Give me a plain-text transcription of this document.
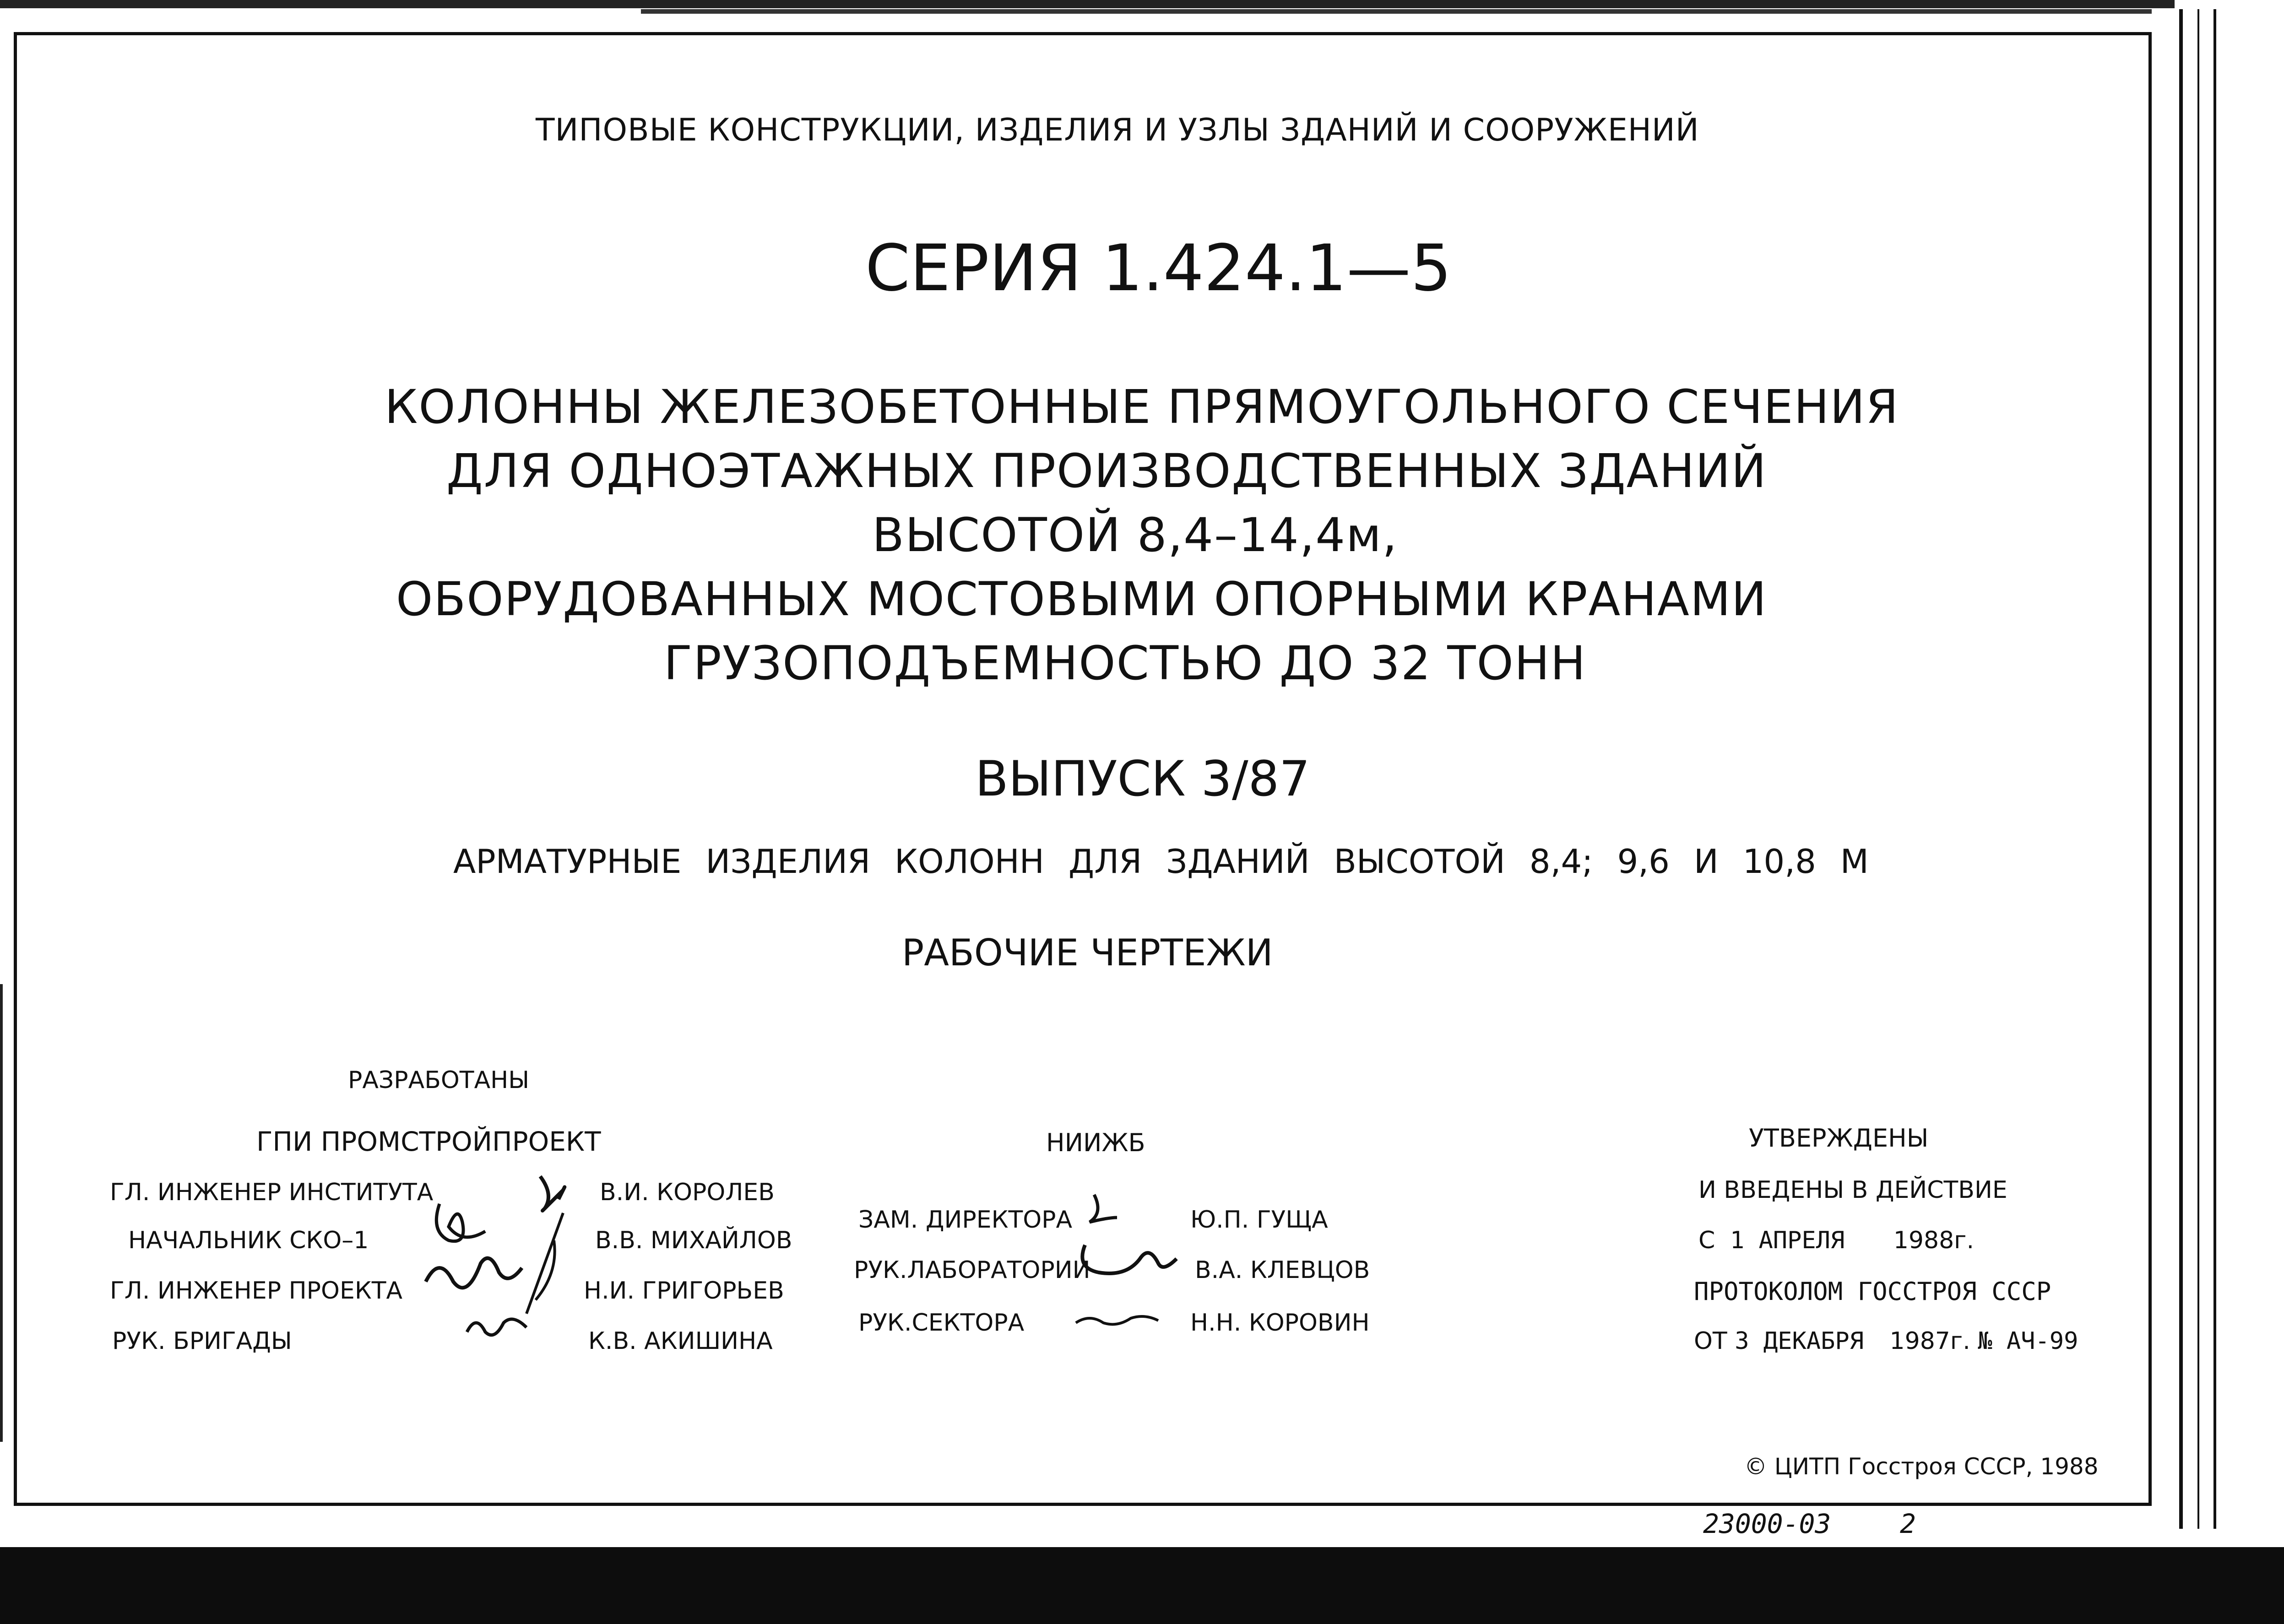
ТИПОВЫЕ КОНСТРУКЦИИ, ИЗДЕЛИЯ И УЗЛЫ ЗДАНИЙ И СООРУЖЕНИЙ
СЕРИЯ 1.424.1—5
КОЛОННЫ ЖЕЛЕЗОБЕТОННЫЕ ПРЯМОУГОЛЬНОГО СЕЧЕНИЯ
ДЛЯ ОДНОЭТАЖНЫХ ПРОИЗВОДСТВЕННЫХ ЗДАНИЙ
ВЫСОТОЙ 8,4–14,4м,
ОБОРУДОВАННЫХ МОСТОВЫМИ ОПОРНЫМИ КРАНАМИ
ГРУЗОПОДЪЕМНОСТЬЮ ДО 32 ТОНН
ВЫПУСК 3/87
АРМАТУРНЫЕ ИЗДЕЛИЯ КОЛОНН ДЛЯ ЗДАНИЙ ВЫСОТОЙ 8,4; 9,6 И 10,8 М
РАБОЧИЕ ЧЕРТЕЖИ
РАЗРАБОТАНЫ
ГПИ ПРОМСТРОЙПРОЕКТ
ГЛ. ИНЖЕНЕР ИНСТИТУТА	В.И. КОРОЛЕВ
НАЧАЛЬНИК СКО–1	В.В. МИХАЙЛОВ
ГЛ. ИНЖЕНЕР ПРОЕКТА	Н.И. ГРИГОРЬЕВ
РУК. БРИГАДЫ	К.В. АКИШИНА
НИИЖБ
ЗАМ. ДИРЕКТОРА	Ю.П. ГУЩА
РУК.ЛАБОРАТОРИИ	В.А. КЛЕВЦОВ
РУК.СЕКТОРА	Н.Н. КОРОВИН
УТВЕРЖДЕНЫ
И ВВЕДЕНЫ В ДЕЙСТВИЕ
С 1 АПРЕЛЯ 1988г.
ПРОТОКОЛОМ ГОССТРОЯ СССР
ОТ 3 ДЕКАБРЯ 1987г. № АЧ-99
© ЦИТП Госстроя СССР, 1988
23000-03	2
